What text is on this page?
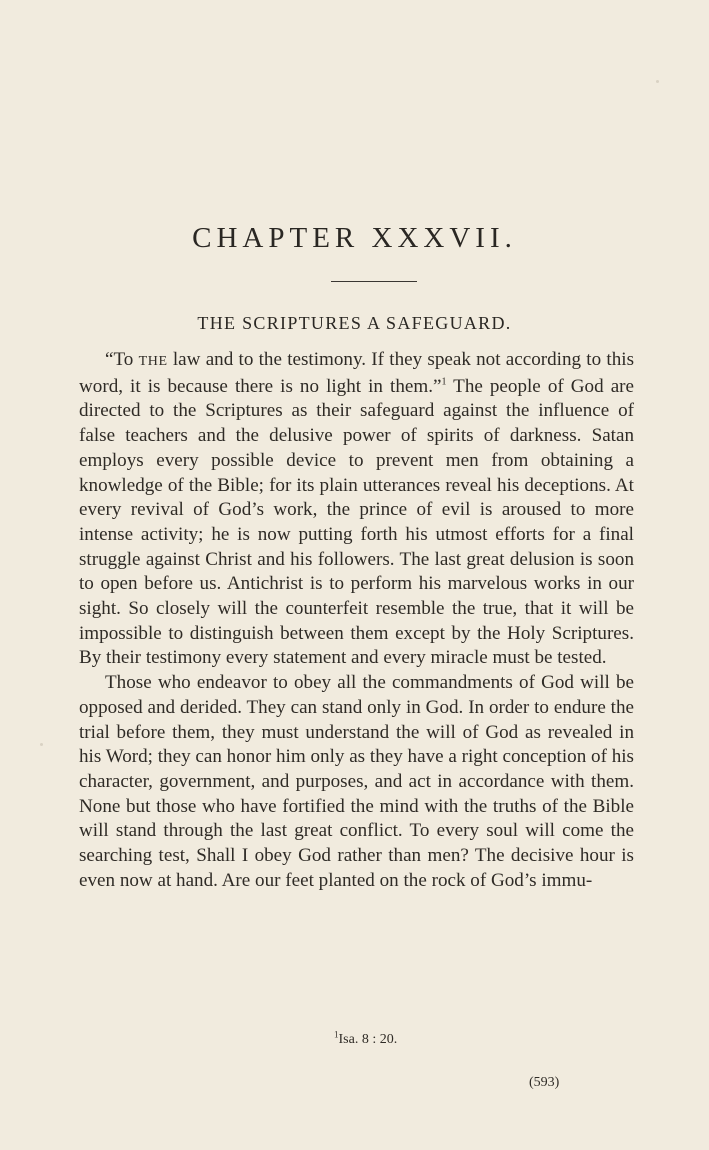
CHAPTER XXXVII.
THE SCRIPTURES A SAFEGUARD.

“To THE law and to the testimony. If they speak not according to this word, it is because there is no light in them.”$^1$ The people of God are directed to the Scriptures as their safeguard against the influence of false teachers and the delusive power of spirits of darkness. Satan employs every possible device to prevent men from obtaining a knowledge of the Bible; for its plain utterances reveal his deceptions. At every revival of God’s work, the prince of evil is aroused to more intense activity; he is now putting forth his utmost efforts for a final struggle against Christ and his followers. The last great delusion is soon to open before us. Antichrist is to perform his marvelous works in our sight. So closely will the counterfeit resemble the true, that it will be impossible to distinguish between them except by the Holy Scriptures. By their testimony every statement and every miracle must be tested.

Those who endeavor to obey all the commandments of God will be opposed and derided. They can stand only in God. In order to endure the trial before them, they must understand the will of God as revealed in his Word; they can honor him only as they have a right conception of his character, government, and purposes, and act in accordance with them. None but those who have fortified the mind with the truths of the Bible will stand through the last great conflict. To every soul will come the searching test, Shall I obey God rather than men? The decisive hour is even now at hand. Are our feet planted on the rock of God’s immu-

$^1$Isa. 8 : 20.
(593)
